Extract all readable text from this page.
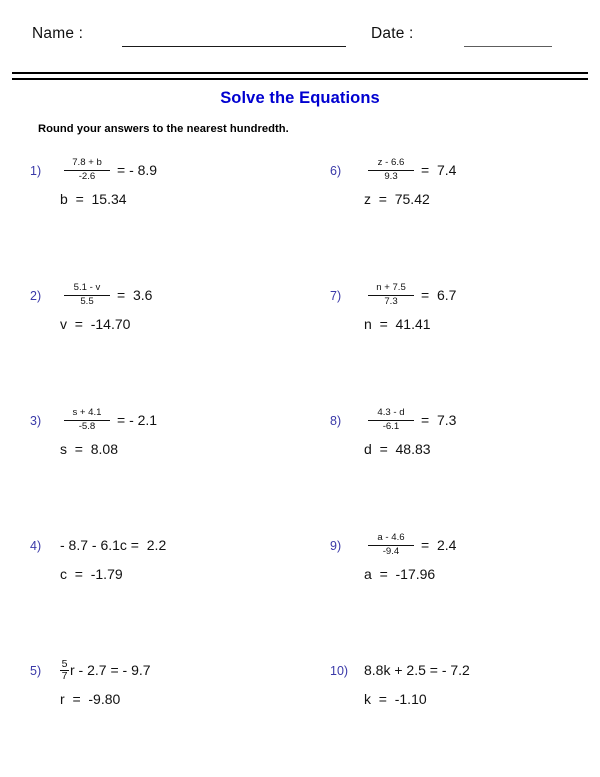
Name :	Date :
Solve the Equations
Round your answers to the nearest hundredth.
1)	$\frac{7.8 + b}{-2.6}$ = - 8.9
b  =  15.34
6)	$\frac{z - 6.6}{9.3} = 7.4$
z  =  75.42
2)	$\frac{5.1 - v}{5.5} = 3.6$
v  =  -14.70
7)	$\frac{n + 7.5}{7.3} = 6.7$
n  =  41.41
3)	$\frac{s + 4.1}{-5.8}$ = - 2.1
s  =  8.08
8)	$\frac{4.3 - d}{-6.1} = 7.3$
d  =  48.83
4)	- 8.7 - 6.1c =  2.2
c  =  -1.79
9)	$\frac{a - 4.6}{-9.4} = 2.4$
a  =  -17.96
5)	5
7 r - 2.7 = - 9.7
r  =  -9.80
10)	8.8k + 2.5 = - 7.2
k  =  -1.10
